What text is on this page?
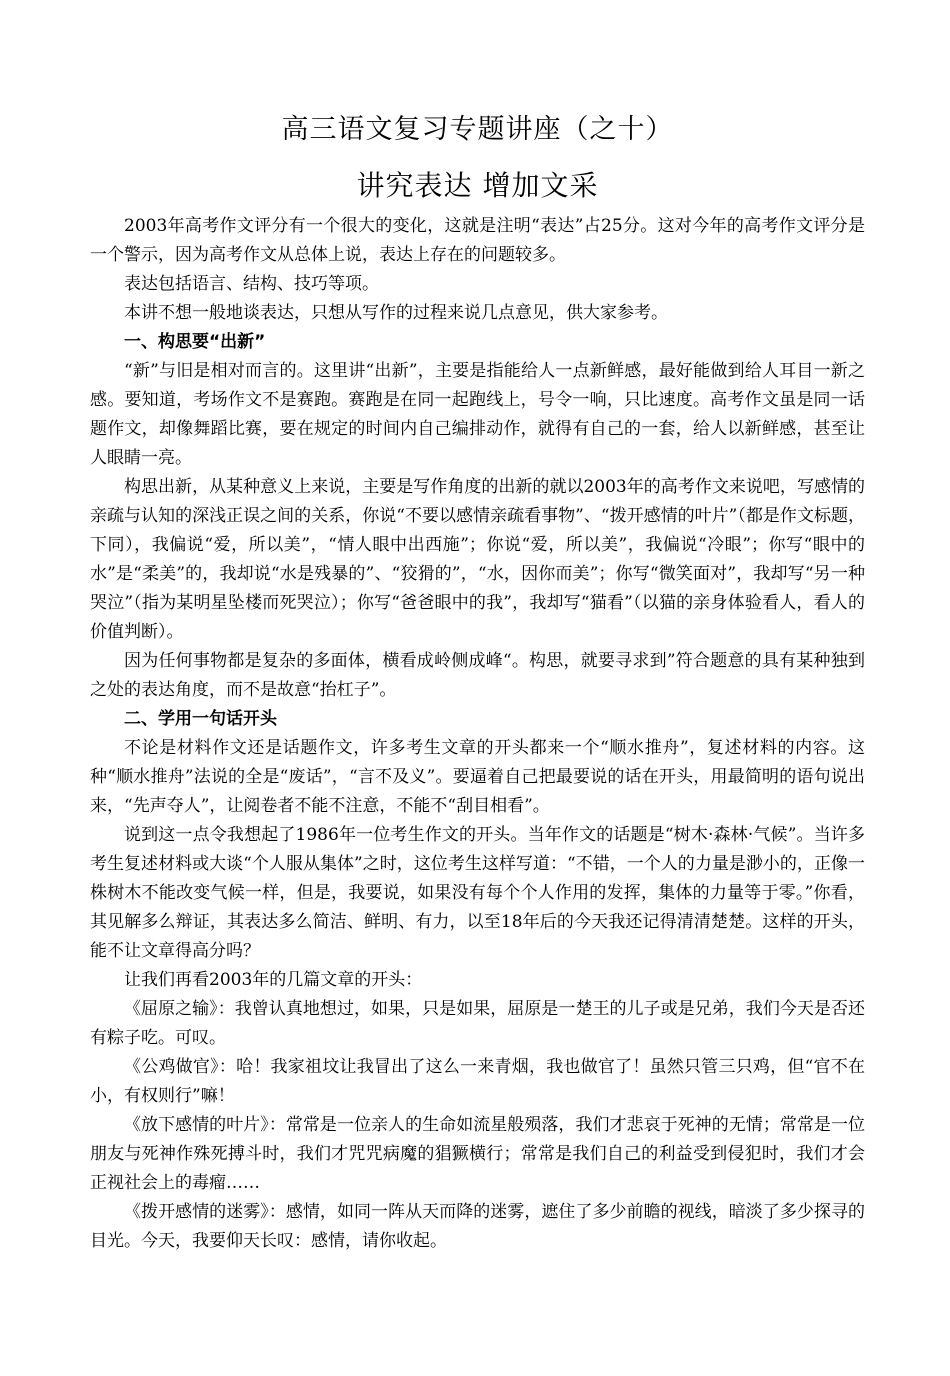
高三语文复习专题讲座（之十）
讲究表达 增加文采

2003年高考作文评分有一个很大的变化，这就是注明“表达”占25分。这对今年的高考作文评分是一个警示，因为高考作文从总体上说，表达上存在的问题较多。

表达包括语言、结构、技巧等项。

本讲不想一般地谈表达，只想从写作的过程来说几点意见，供大家参考。

一、构思要“出新”

“新”与旧是相对而言的。这里讲“出新”，主要是指能给人一点新鲜感，最好能做到给人耳目一新之感。要知道，考场作文不是赛跑。赛跑是在同一起跑线上，号令一响，只比速度。高考作文虽是同一话题作文，却像舞蹈比赛，要在规定的时间内自己编排动作，就得有自己的一套，给人以新鲜感，甚至让人眼睛一亮。

构思出新，从某种意义上来说，主要是写作角度的出新的就以2003年的高考作文来说吧，写感情的亲疏与认知的深浅正误之间的关系，你说“不要以感情亲疏看事物”、“拨开感情的叶片”（都是作文标题，下同），我偏说“爱，所以美”，“情人眼中出西施”；你说“爱，所以美”，我偏说“冷眼”；你写“眼中的水”是“柔美”的，我却说“水是残暴的”、“狡猾的”，“水，因你而美”；你写“微笑面对”，我却写“另一种哭泣”（指为某明星坠楼而死哭泣）；你写“爸爸眼中的我”，我却写“猫看”（以猫的亲身体验看人，看人的价值判断）。

因为任何事物都是复杂的多面体，横看成岭侧成峰“。构思，就要寻求到”符合题意的具有某种独到之处的表达角度，而不是故意“抬杠子”。

二、学用一句话开头

不论是材料作文还是话题作文，许多考生文章的开头都来一个“顺水推舟”，复述材料的内容。这种“顺水推舟”法说的全是“废话”，“言不及义”。要逼着自己把最要说的话在开头，用最简明的语句说出来，“先声夺人”，让阅卷者不能不注意，不能不“刮目相看”。

说到这一点令我想起了1986年一位考生作文的开头。当年作文的话题是“树木·森林·气候”。当许多考生复述材料或大谈“个人服从集体”之时，这位考生这样写道：“不错，一个人的力量是渺小的，正像一株树木不能改变气候一样，但是，我要说，如果没有每个个人作用的发挥，集体的力量等于零。”你看，其见解多么辩证，其表达多么简洁、鲜明、有力，以至18年后的今天我还记得清清楚楚。这样的开头，能不让文章得高分吗？

让我们再看2003年的几篇文章的开头：

《屈原之输》：我曾认真地想过，如果，只是如果，屈原是一楚王的儿子或是兄弟，我们今天是否还有粽子吃。可叹。

《公鸡做官》：哈！我家祖坟让我冒出了这么一来青烟，我也做官了！虽然只管三只鸡，但“官不在小，有权则行”嘛！

《放下感情的叶片》：常常是一位亲人的生命如流星般殒落，我们才悲哀于死神的无情；常常是一位朋友与死神作殊死搏斗时，我们才咒咒病魔的猖獗横行；常常是我们自己的利益受到侵犯时，我们才会正视社会上的毒瘤……

《拨开感情的迷雾》：感情，如同一阵从天而降的迷雾，遮住了多少前瞻的视线，暗淡了多少探寻的目光。今天，我要仰天长叹：感情，请你收起。
